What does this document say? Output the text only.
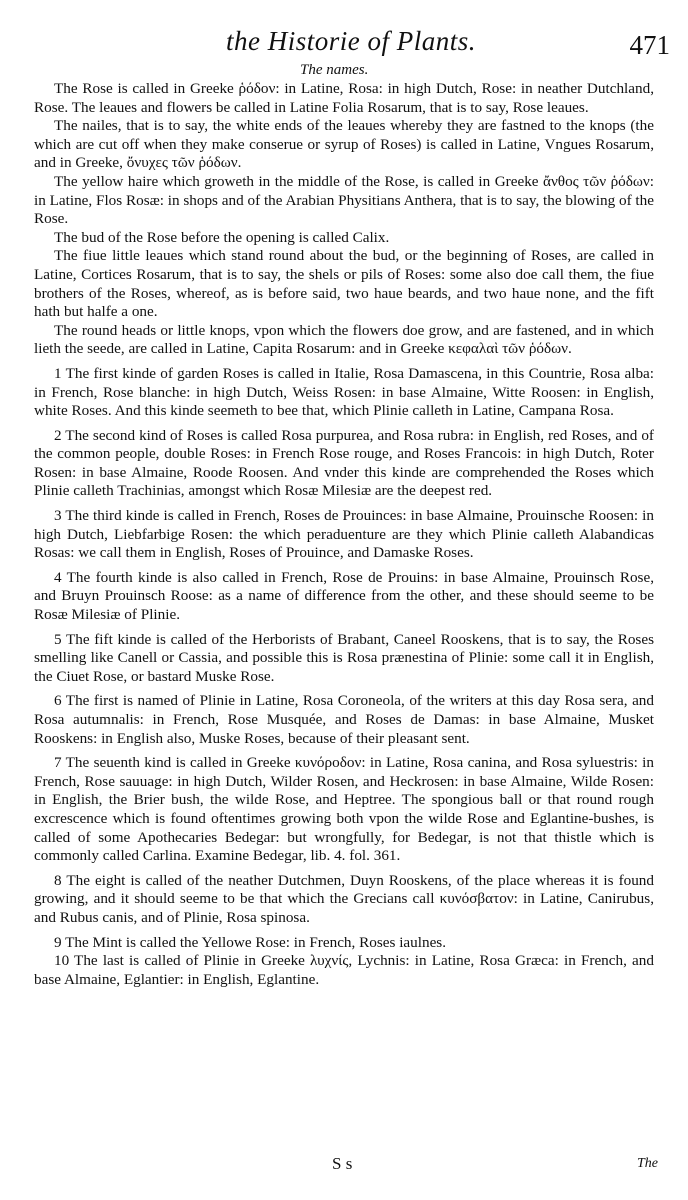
the Historie of Plants.	471
The names.

The Rose is called in Greeke ῥόδον: in Latine, Rosa: in high Dutch, Rose: in neather Dutchland, Rose. The leaues and flowers be called in Latine Folia Rosarum, that is to say, Rose leaues.

The nailes, that is to say, the white ends of the leaues whereby they are fastned to the knops (the which are cut off when they make conserue or syrup of Roses) is called in Latine, Vngues Rosarum, and in Greeke, ὄνυχες τῶν ῥόδων.

The yellow haire which groweth in the middle of the Rose, is called in Greeke ἄνθος τῶν ῥόδων: in Latine, Flos Rosæ: in shops and of the Arabian Physitians Anthera, that is to say, the blowing of the Rose.

The bud of the Rose before the opening is called Calix.

The fiue little leaues which stand round about the bud, or the beginning of Roses, are called in Latine, Cortices Rosarum, that is to say, the shels or pils of Roses: some also doe call them, the fiue brothers of the Roses, whereof, as is before said, two haue beards, and two haue none, and the fift hath but halfe a one.

The round heads or little knops, vpon which the flowers doe grow, and are fastened, and in which lieth the seede, are called in Latine, Capita Rosarum: and in Greeke κεφαλαὶ τῶν ῥόδων.

1 The first kinde of garden Roses is called in Italie, Rosa Damascena, in this Countrie, Rosa alba: in French, Rose blanche: in high Dutch, Weiss Rosen: in base Almaine, Witte Roosen: in English, white Roses. And this kinde seemeth to bee that, which Plinie calleth in Latine, Campana Rosa.

2 The second kind of Roses is called Rosa purpurea, and Rosa rubra: in English, red Roses, and of the common people, double Roses: in French Rose rouge, and Roses Francois: in high Dutch, Roter Rosen: in base Almaine, Roode Roosen. And vnder this kinde are comprehended the Roses which Plinie calleth Trachinias, amongst which Rosæ Milesiæ are the deepest red.

3 The third kinde is called in French, Roses de Prouinces: in base Almaine, Prouinsche Roosen: in high Dutch, Liebfarbige Rosen: the which peraduenture are they which Plinie calleth Alabandicas Rosas: we call them in English, Roses of Prouince, and Damaske Roses.

4 The fourth kinde is also called in French, Rose de Prouins: in base Almaine, Prouinsch Rose, and Bruyn Prouinsch Roose: as a name of difference from the other, and these should seeme to be Rosæ Milesiæ of Plinie.

5 The fift kinde is called of the Herborists of Brabant, Caneel Rooskens, that is to say, the Roses smelling like Canell or Cassia, and possible this is Rosa prænestina of Plinie: some call it in English, the Ciuet Rose, or bastard Muske Rose.

6 The first is named of Plinie in Latine, Rosa Coroneola, of the writers at this day Rosa sera, and Rosa autumnalis: in French, Rose Musquée, and Roses de Damas: in base Almaine, Musket Rooskens: in English also, Muske Roses, because of their pleasant sent.

7 The seuenth kind is called in Greeke κυνόροδον: in Latine, Rosa canina, and Rosa syluestris: in French, Rose sauuage: in high Dutch, Wilder Rosen, and Heckrosen: in base Almaine, Wilde Rosen: in English, the Brier bush, the wilde Rose, and Heptree. The spongious ball or that round rough excrescence which is found oftentimes growing both vpon the wilde Rose and Eglantine-bushes, is called of some Apothecaries Bedegar: but wrongfully, for Bedegar, is not that thistle which is commonly called Carlina. Examine Bedegar, lib. 4. fol. 361.

8 The eight is called of the neather Dutchmen, Duyn Rooskens, of the place whereas it is found growing, and it should seeme to be that which the Grecians call κυνόσβατον: in Latine, Canirubus, and Rubus canis, and of Plinie, Rosa spinosa.

9 The Mint is called the Yellowe Rose: in French, Roses iaulnes.

10 The last is called of Plinie in Greeke λυχνίς, Lychnis: in Latine, Rosa Græca: in French, and base Almaine, Eglantier: in English, Eglantine.

S s	The
